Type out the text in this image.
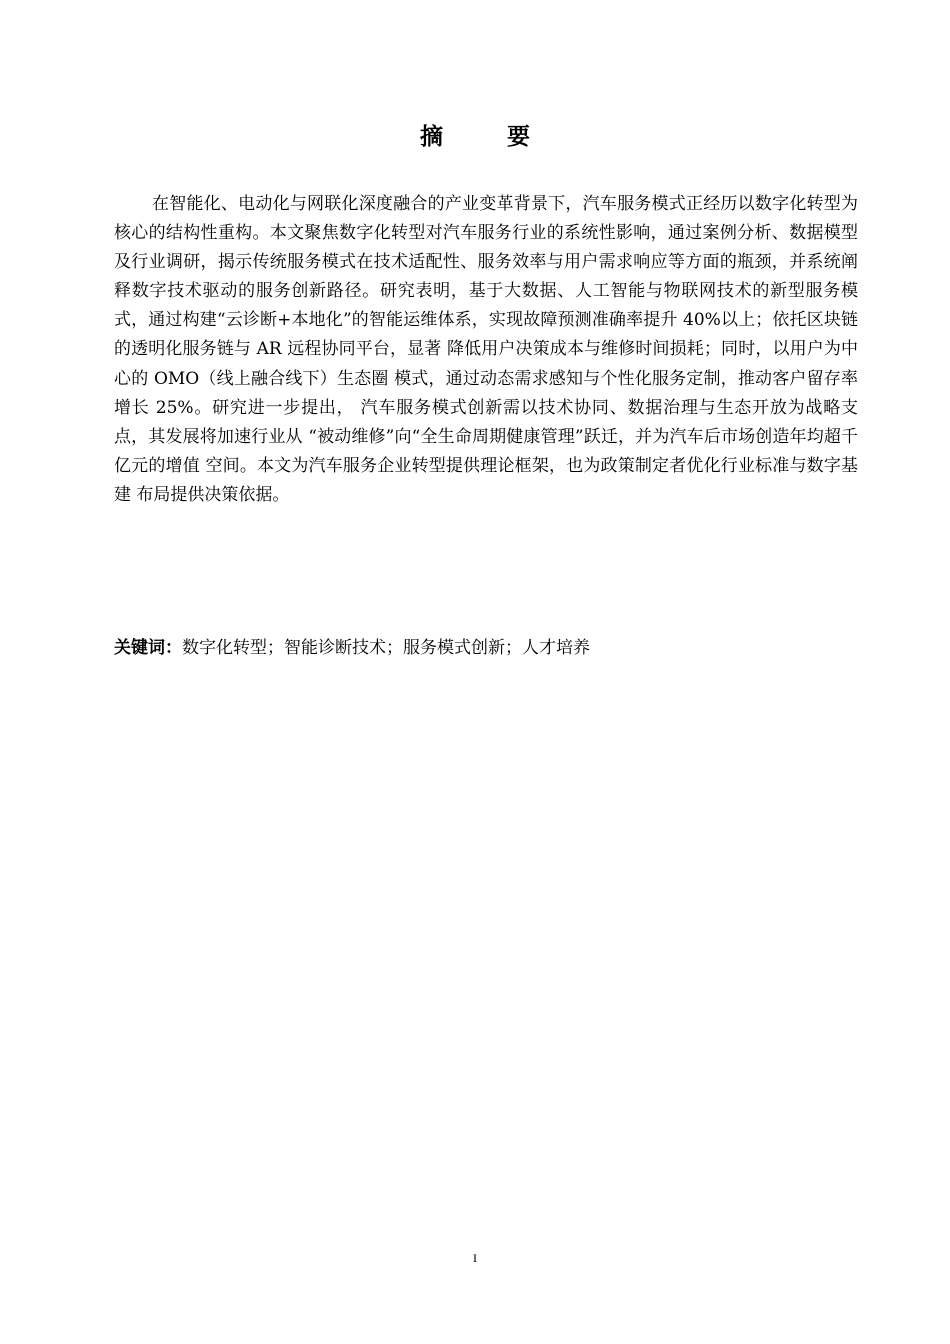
摘 要

在智能化、电动化与网联化深度融合的产业变革背景下，汽车服务模式正经历以数字化转型为核心的结构性重构。本文聚焦数字化转型对汽车服务行业的系统性影响，通过案例分析、数据模型及行业调研，揭示传统服务模式在技术适配性、服务效率与用户需求响应等方面的瓶颈，并系统阐释数字技术驱动的服务创新路径。研究表明，基于大数据、人工智能与物联网技术的新型服务模式，通过构建“云诊断+本地化”的智能运维体系，实现故障预测准确率提升 40%以上；依托区块链的透明化服务链与 AR 远程协同平台，显著 降低用户决策成本与维修时间损耗；同时，以用户为中心的 OMO（线上融合线下）生态圈 模式，通过动态需求感知与个性化服务定制，推动客户留存率增长 25%。研究进一步提出， 汽车服务模式创新需以技术协同、数据治理与生态开放为战略支点，其发展将加速行业从 “被动维修”向“全生命周期健康管理”跃迁，并为汽车后市场创造年均超千亿元的增值 空间。本文为汽车服务企业转型提供理论框架，也为政策制定者优化行业标准与数字基建 布局提供决策依据。

关键词：数字化转型；智能诊断技术；服务模式创新；人才培养
I
